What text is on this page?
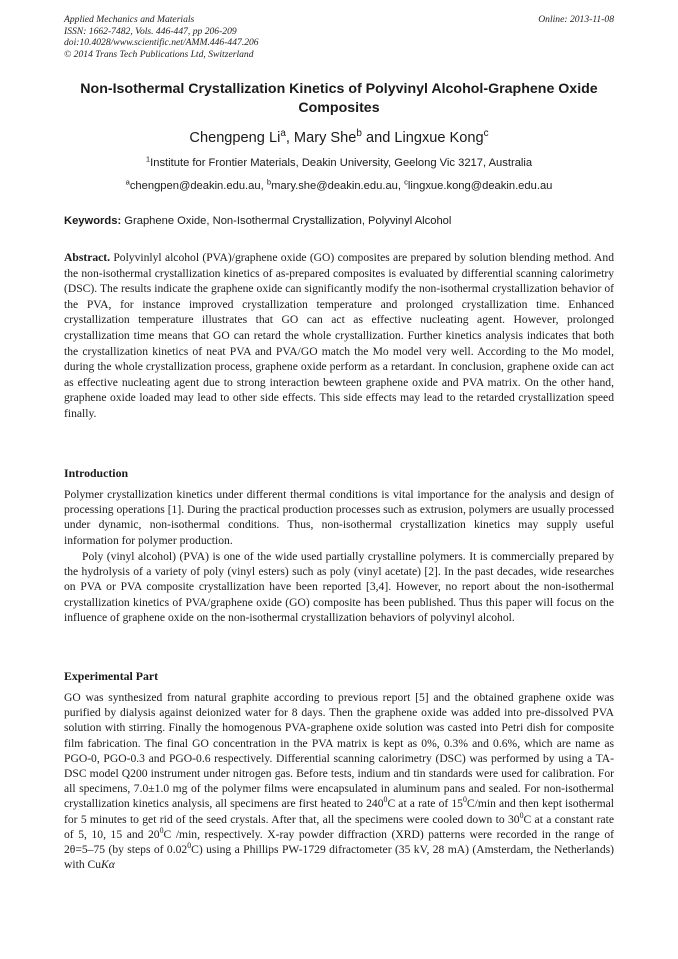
Applied Mechanics and Materials
ISSN: 1662-7482, Vols. 446-447, pp 206-209
doi:10.4028/www.scientific.net/AMM.446-447.206
© 2014 Trans Tech Publications Ltd, Switzerland
Online: 2013-11-08
Non-Isothermal Crystallization Kinetics of Polyvinyl Alcohol-Graphene Oxide Composites
Chengpeng Li$^a$, Mary She$^b$ and Lingxue Kong$^c$
$^1$Institute for Frontier Materials, Deakin University, Geelong Vic 3217, Australia
$^a$chengpen@deakin.edu.au, $^b$mary.she@deakin.edu.au, $^c$lingxue.kong@deakin.edu.au
Keywords: Graphene Oxide, Non-Isothermal Crystallization, Polyvinyl Alcohol

Abstract. Polyvinlyl alcohol (PVA)/graphene oxide (GO) composites are prepared by solution blending method. And the non-isothermal crystallization kinetics of as-prepared composites is evaluated by differential scanning calorimetry (DSC). The results indicate the graphene oxide can significantly modify the non-isothermal crystallization behavior of the PVA, for instance improved crystallization temperature and prolonged crystallization time. Enhanced crystallization temperature illustrates that GO can act as effective nucleating agent. However, prolonged crystallization time means that GO can retard the whole crystallization. Further kinetics analysis indicates that both the crystallization kinetics of neat PVA and PVA/GO match the Mo model very well. According to the Mo model, during the whole crystallization process, graphene oxide perform as a retardant. In conclusion, graphene oxide can act as effective nucleating agent due to strong interaction bewteen graphene oxide and PVA matrix. On the other hand, graphene oxide loaded may lead to other side effects. This side effects may lead to the retarded crystallization speed finally.

Introduction

Polymer crystallization kinetics under different thermal conditions is vital importance for the analysis and design of processing operations [1]. During the practical production processes such as extrusion, polymers are usually processed under dynamic, non-isothermal conditions. Thus, non-isothermal crystallization kinetics may supply useful information for polymer production.

Poly (vinyl alcohol) (PVA) is one of the wide used partially crystalline polymers. It is commercially prepared by the hydrolysis of a variety of poly (vinyl esters) such as poly (vinyl acetate) [2]. In the past decades, wide researches on PVA or PVA composite crystallization have been reported [3,4]. However, no report about the non-isothermal crystallization kinetics of PVA/graphene oxide (GO) composite has been published. Thus this paper will focus on the influence of graphene oxide on the non-isothermal crystallization behaviors of polyvinyl alcohol.

Experimental Part

GO was synthesized from natural graphite according to previous report [5] and the obtained graphene oxide was purified by dialysis against deionized water for 8 days. Then the graphene oxide was added into pre-dissolved PVA solution with stirring. Finally the homogenous PVA-graphene oxide solution was casted into Petri dish for composite film fabrication. The final GO concentration in the PVA matrix is kept as 0%, 0.3% and 0.6%, which are name as PGO-0, PGO-0.3 and PGO-0.6 respectively. Differential scanning calorimetry (DSC) was performed by using a TA-DSC model Q200 instrument under nitrogen gas. Before tests, indium and tin standards were used for calibration. For all specimens, 7.0±1.0 mg of the polymer films were encapsulated in aluminum pans and sealed. For non-isothermal crystallization kinetics analysis, all specimens are first heated to $240^0C$ at a rate of $15^0C/\min$ and then kept isothermal for 5 minutes to get rid of the seed crystals. After that, all the specimens were cooled down to $30^0C$ at a constant rate of 5, 10, 15 and $20^0C$ /min, respectively. X-ray powder diffraction (XRD) patterns were recorded in the range of 2θ=5–75 (by steps of 0.02$^0$C) using a Phillips PW-1729 difractometer (35 kV, 28 mA) (Amsterdam, the Netherlands) with CuKα
